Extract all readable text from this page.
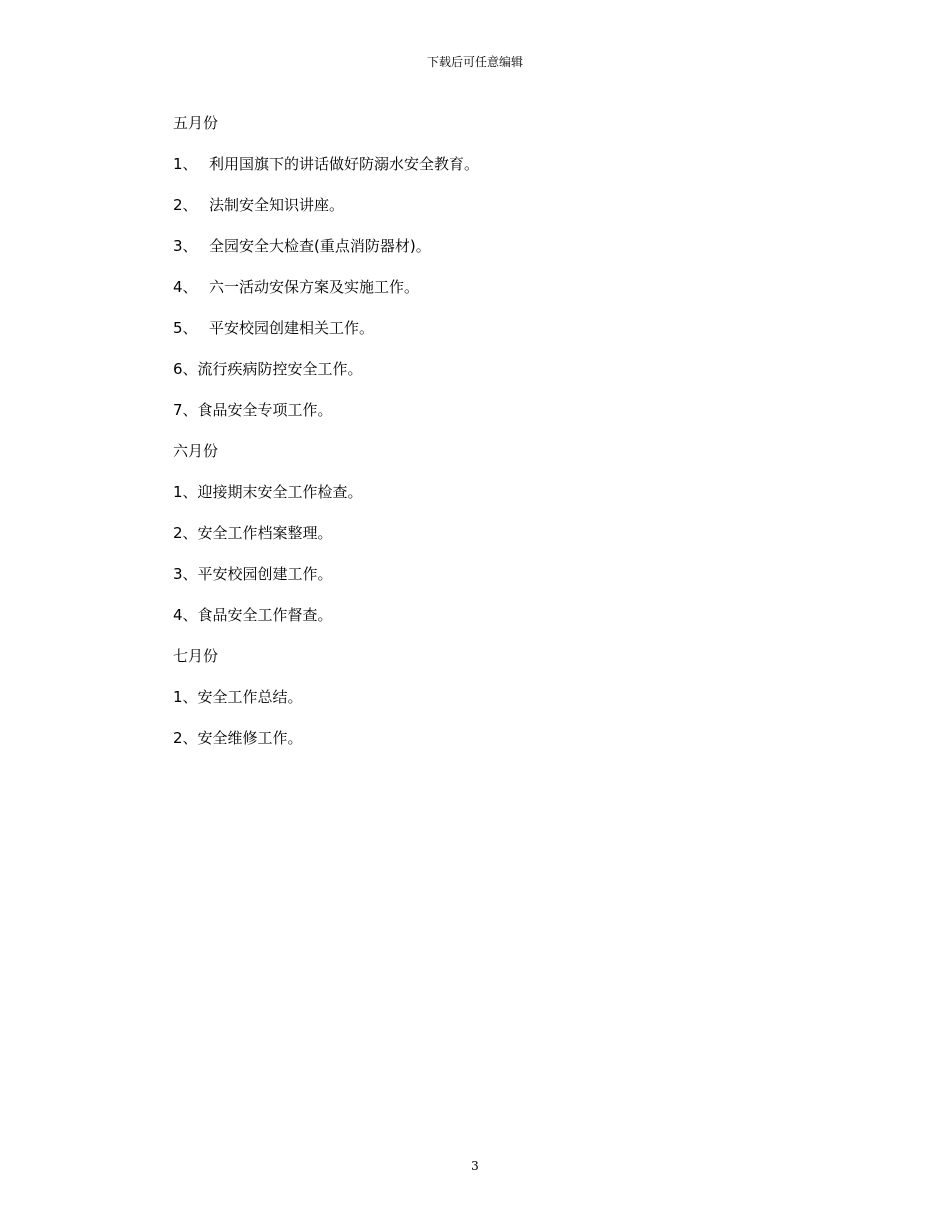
下载后可任意编辑
五月份
1、 利用国旗下的讲话做好防溺水安全教育。
2、 法制安全知识讲座。
3、 全园安全大检查(重点消防器材)。
4、 六一活动安保方案及实施工作。
5、 平安校园创建相关工作。
6、流行疾病防控安全工作。
7、食品安全专项工作。
六月份
1、迎接期末安全工作检查。
2、安全工作档案整理。
3、平安校园创建工作。
4、食品安全工作督查。
七月份
1、安全工作总结。
2、安全维修工作。
3
